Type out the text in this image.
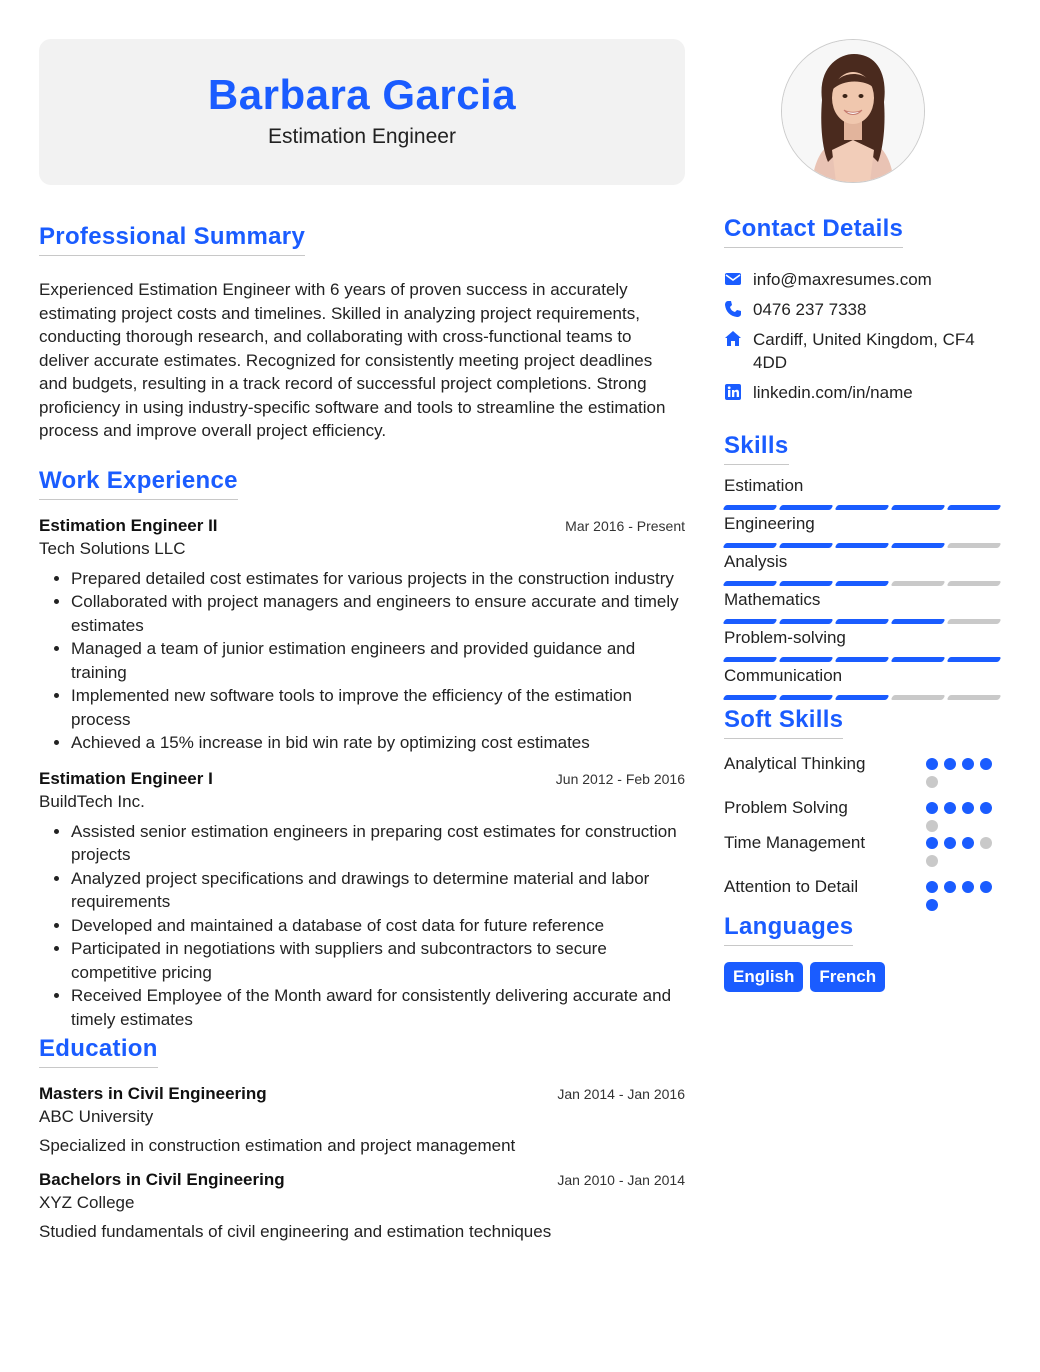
Barbara Garcia
Estimation Engineer
Professional Summary
Experienced Estimation Engineer with 6 years of proven success in accurately estimating project costs and timelines. Skilled in analyzing project requirements, conducting thorough research, and collaborating with cross-functional teams to deliver accurate estimates. Recognized for consistently meeting project deadlines and budgets, resulting in a track record of successful project completions. Strong proficiency in using industry-specific software and tools to streamline the estimation process and improve overall project efficiency.
Work Experience
Estimation Engineer II	Mar 2016 - Present
Tech Solutions LLC
• Prepared detailed cost estimates for various projects in the construction industry
• Collaborated with project managers and engineers to ensure accurate and timely estimates
• Managed a team of junior estimation engineers and provided guidance and training
• Implemented new software tools to improve the efficiency of the estimation process
• Achieved a 15% increase in bid win rate by optimizing cost estimates
Estimation Engineer I	Jun 2012 - Feb 2016
BuildTech Inc.
• Assisted senior estimation engineers in preparing cost estimates for construction projects
• Analyzed project specifications and drawings to determine material and labor requirements
• Developed and maintained a database of cost data for future reference
• Participated in negotiations with suppliers and subcontractors to secure competitive pricing
• Received Employee of the Month award for consistently delivering accurate and timely estimates
Education
Masters in Civil Engineering	Jan 2014 - Jan 2016
ABC University
Specialized in construction estimation and project management
Bachelors in Civil Engineering	Jan 2010 - Jan 2014
XYZ College
Studied fundamentals of civil engineering and estimation techniques
Contact Details
info@maxresumes.com
0476 237 7338
Cardiff, United Kingdom, CF4 4DD
linkedin.com/in/name
Skills
Estimation
Engineering
Analysis
Mathematics
Problem-solving
Communication
Soft Skills
Analytical Thinking
Problem Solving
Time Management
Attention to Detail
Languages
English	French
